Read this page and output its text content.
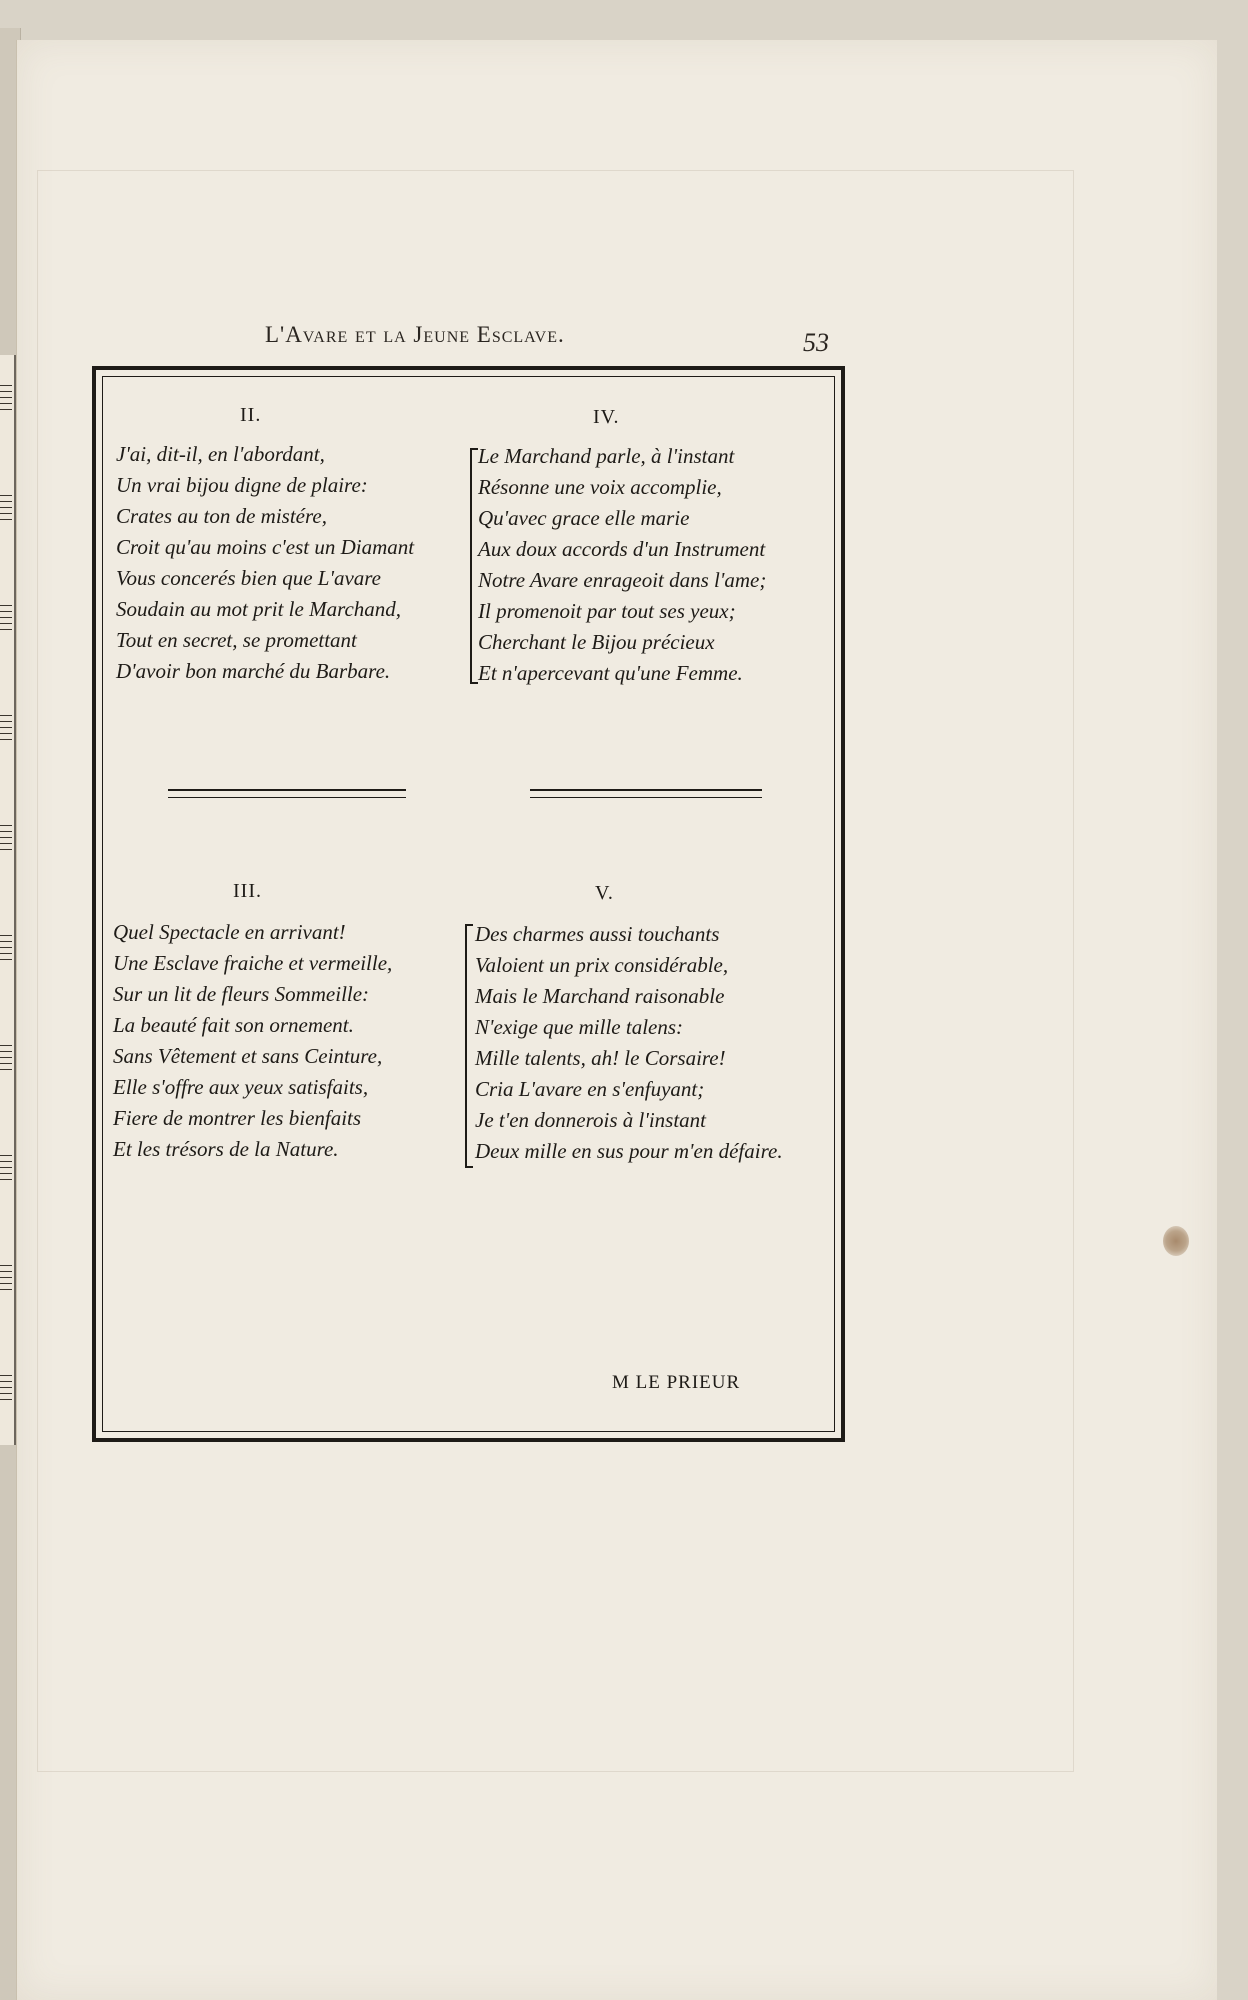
L'Avare et la Jeune Esclave.	53
II.
J'ai, dit-il, en l'abordant,
Un vrai bijou digne de plaire:
Crates au ton de mistére,
Croit qu'au moins c'est un Diamant
Vous concerés bien que L'avare
Soudain au mot prit le Marchand,
Tout en secret, se promettant
D'avoir bon marché du Barbare.
IV.
Le Marchand parle, à l'instant
Résonne une voix accomplie,
Qu'avec grace elle marie
Aux doux accords d'un Instrument
Notre Avare enrageoit dans l'ame;
Il promenoit par tout ses yeux;
Cherchant le Bijou précieux
Et n'apercevant qu'une Femme.
III.
Quel Spectacle en arrivant!
Une Esclave fraiche et vermeille,
Sur un lit de fleurs Sommeille:
La beauté fait son ornement.
Sans Vêtement et sans Ceinture,
Elle s'offre aux yeux satisfaits,
Fiere de montrer les bienfaits
Et les trésors de la Nature.
V.
Des charmes aussi touchants
Valoient un prix considérable,
Mais le Marchand raisonable
N'exige que mille talens:
Mille talents, ah! le Corsaire!
Cria L'avare en s'enfuyant;
Je t'en donnerois à l'instant
Deux mille en sus pour m'en défaire.
M LE PRIEUR
